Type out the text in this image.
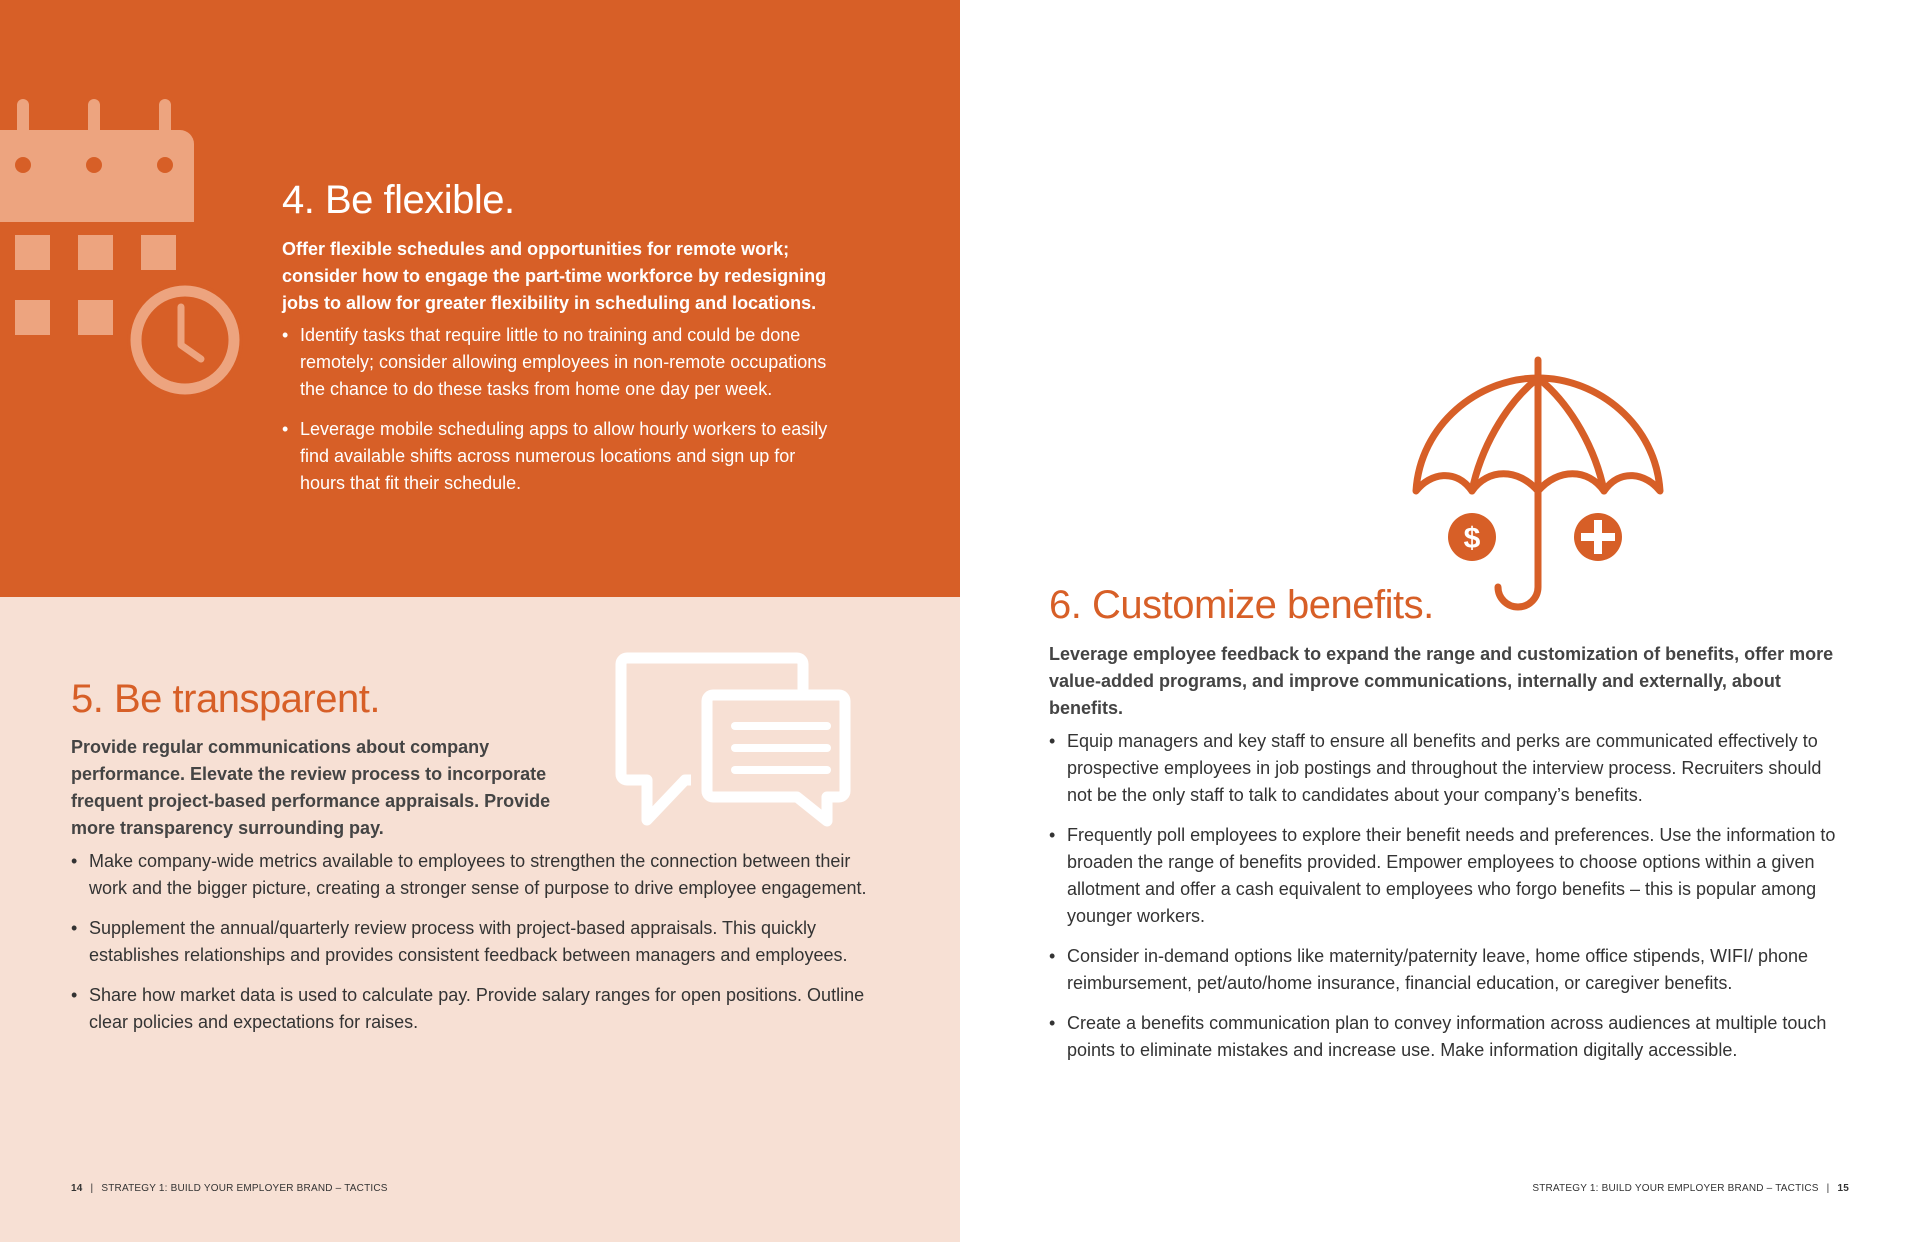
4. Be flexible.

Offer flexible schedules and opportunities for remote work; consider how to engage the part-time workforce by redesigning jobs to allow for greater flexibility in scheduling and locations.

• Identify tasks that require little to no training and could be done remotely; consider allowing employees in non-remote occupations the chance to do these tasks from home one day per week.
• Leverage mobile scheduling apps to allow hourly workers to easily find available shifts across numerous locations and sign up for hours that fit their schedule.
5. Be transparent.

Provide regular communications about company performance. Elevate the review process to incorporate frequent project-based performance appraisals. Provide more transparency surrounding pay.

• Make company-wide metrics available to employees to strengthen the connection between their work and the bigger picture, creating a stronger sense of purpose to drive employee engagement.
• Supplement the annual/quarterly review process with project-based appraisals. This quickly establishes relationships and provides consistent feedback between managers and employees.
• Share how market data is used to calculate pay. Provide salary ranges for open positions. Outline clear policies and expectations for raises.
14 | STRATEGY 1: BUILD YOUR EMPLOYER BRAND – TACTICS
$
6. Customize benefits.

Leverage employee feedback to expand the range and customization of benefits, offer more value-added programs, and improve communications, internally and externally, about benefits.

• Equip managers and key staff to ensure all benefits and perks are communicated effectively to prospective employees in job postings and throughout the interview process. Recruiters should not be the only staff to talk to candidates about your company’s benefits.
• Frequently poll employees to explore their benefit needs and preferences. Use the information to broaden the range of benefits provided. Empower employees to choose options within a given allotment and offer a cash equivalent to employees who forgo benefits – this is popular among younger workers.
• Consider in-demand options like maternity/paternity leave, home office stipends, WIFI/ phone reimbursement, pet/auto/home insurance, financial education, or caregiver benefits.
• Create a benefits communication plan to convey information across audiences at multiple touch points to eliminate mistakes and increase use. Make information digitally accessible.
STRATEGY 1: BUILD YOUR EMPLOYER BRAND – TACTICS | 15
